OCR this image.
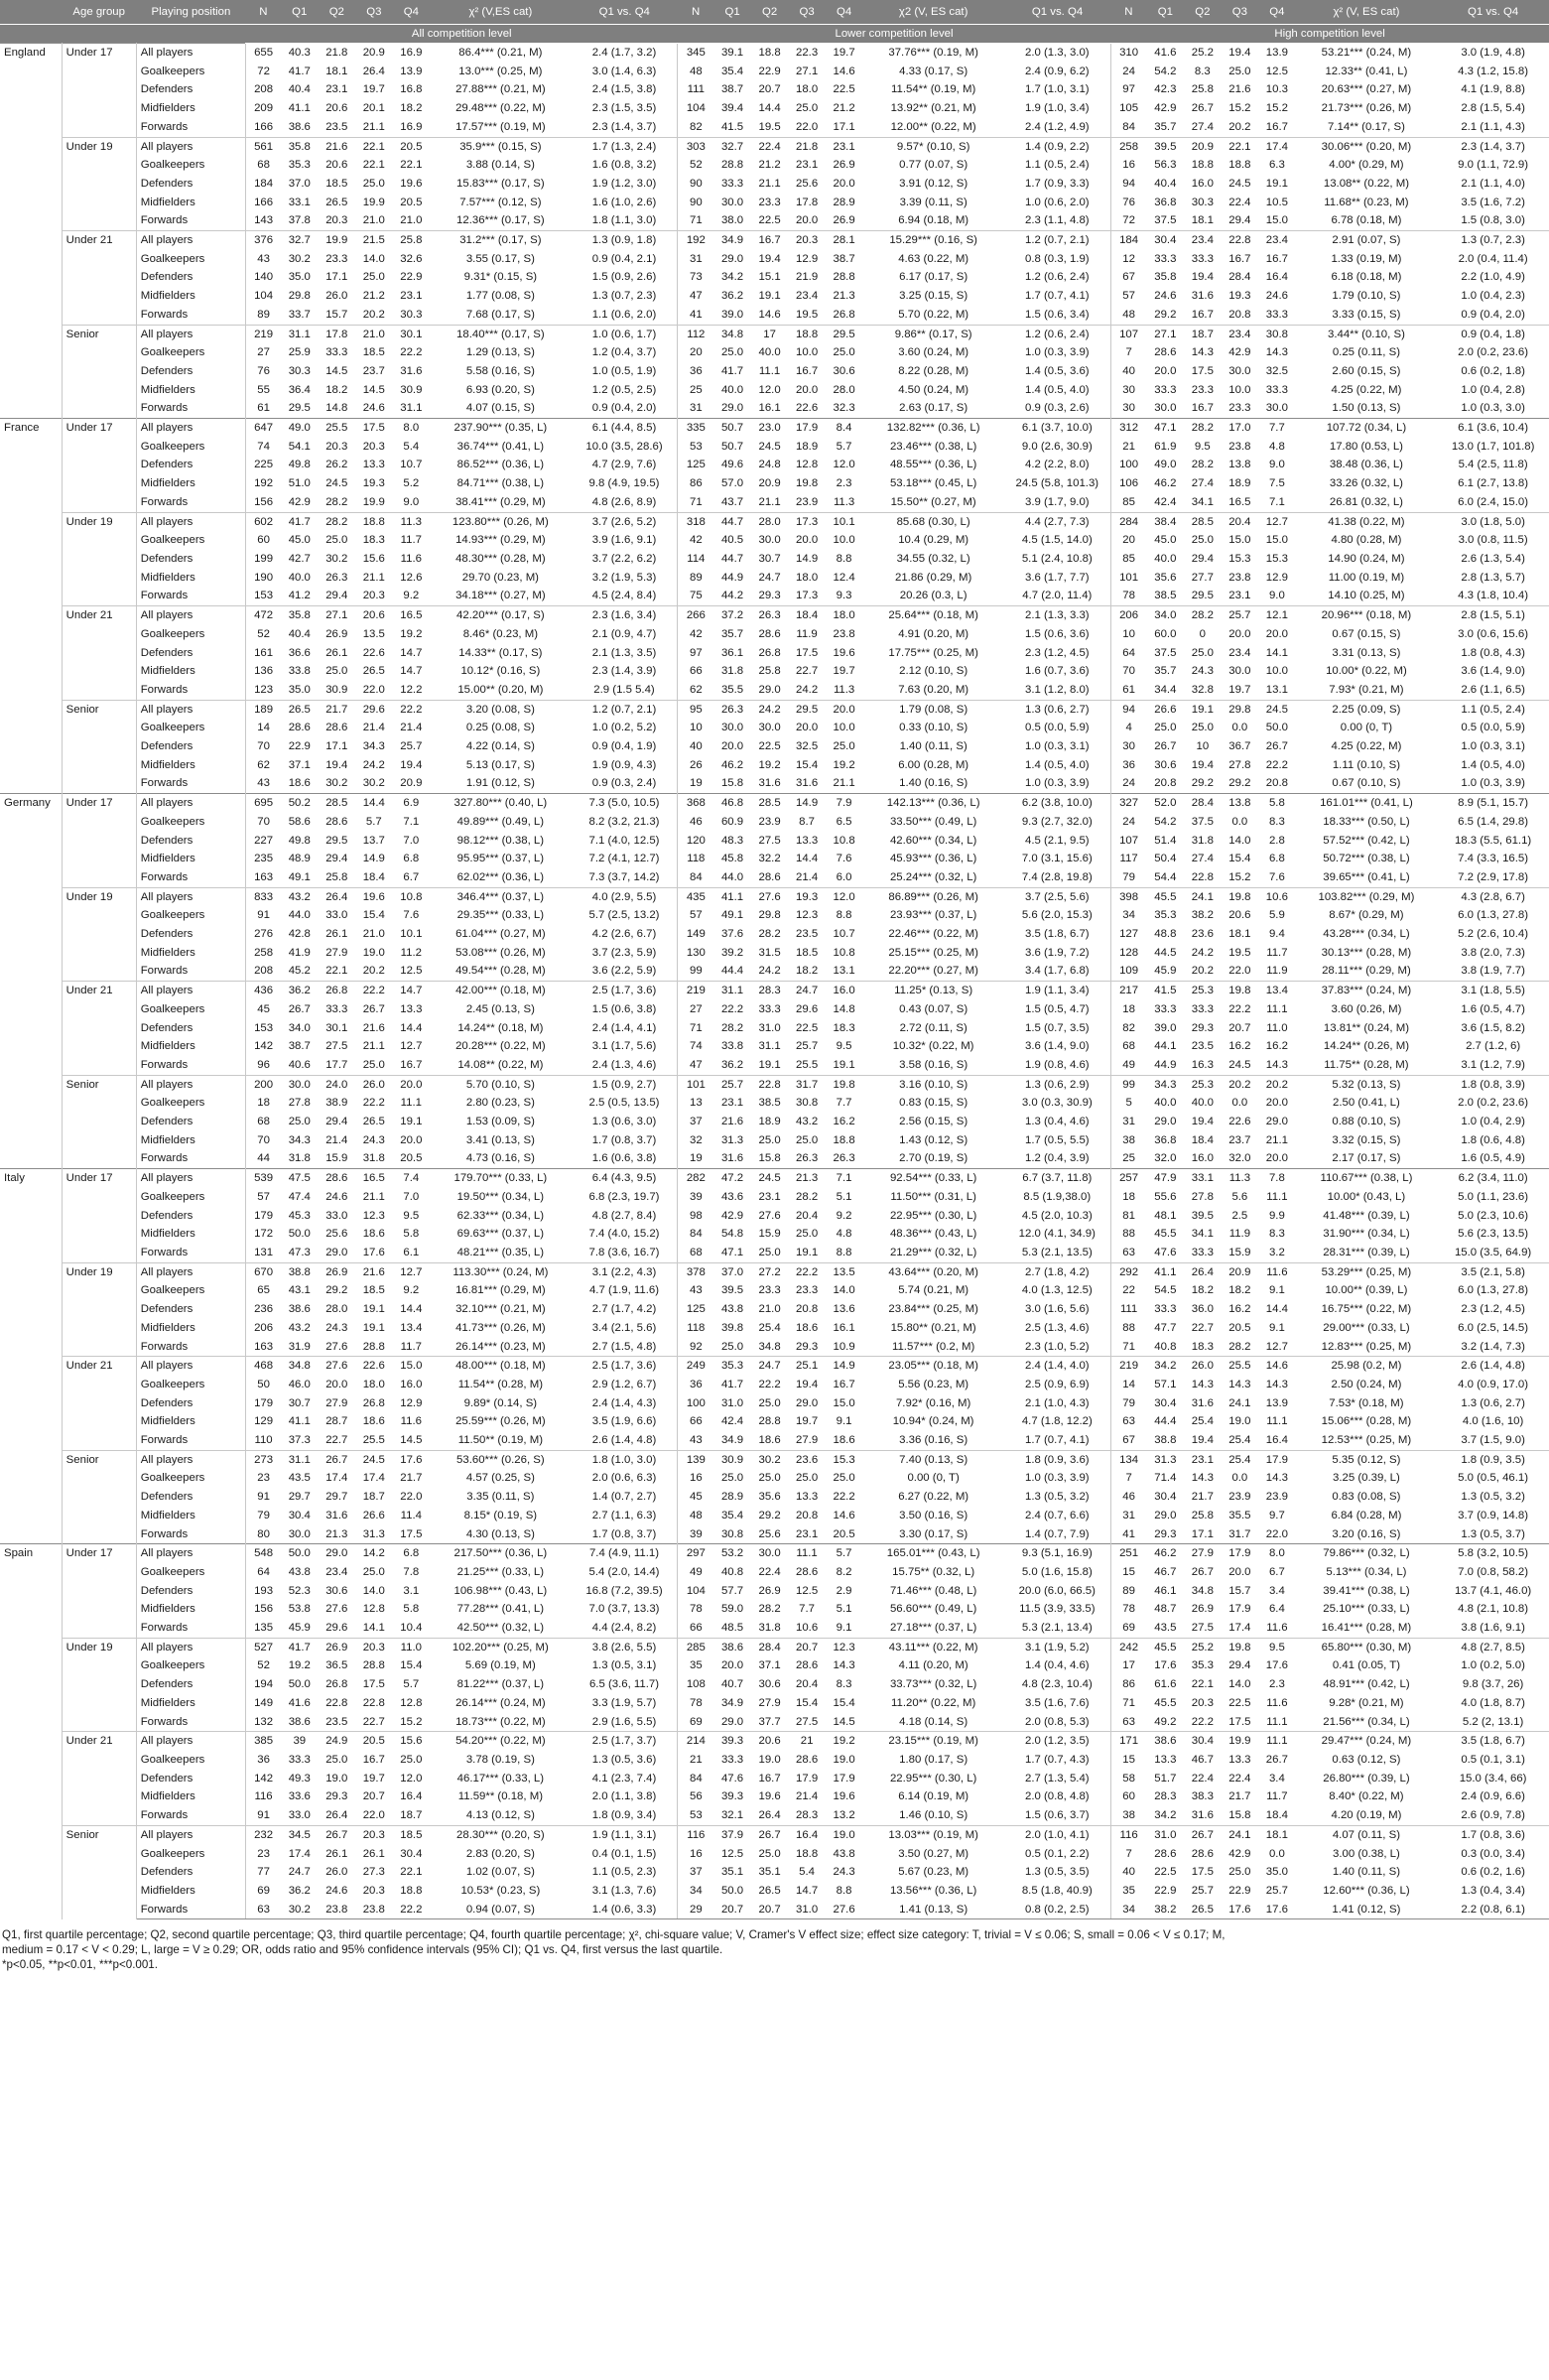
	Age group	Playing position	N	Q1	Q2	Q3	Q4	χ² (V,ES cat)	Q1 vs. Q4	N	Q1	Q2	Q3	Q4	χ2 (V, ES cat)	Q1 vs. Q4	N	Q1	Q2	Q3	Q4	χ² (V, ES cat)	Q1 vs. Q4
			All competition level							Lower competition level							High competition level						
England	Under 17	All players	655	40.3	21.8	20.9	16.9	86.4*** (0.21, M)	2.4 (1.7, 3.2)	345	39.1	18.8	22.3	19.7	37.76*** (0.19, M)	2.0 (1.3, 3.0)	310	41.6	25.2	19.4	13.9	53.21*** (0.24, M)	3.0 (1.9, 4.8)
		Goalkeepers	72	41.7	18.1	26.4	13.9	13.0*** (0.25, M)	3.0 (1.4, 6.3)	48	35.4	22.9	27.1	14.6	4.33 (0.17, S)	2.4 (0.9, 6.2)	24	54.2	8.3	25.0	12.5	12.33** (0.41, L)	4.3 (1.2, 15.8)
		Defenders	208	40.4	23.1	19.7	16.8	27.88*** (0.21, M)	2.4 (1.5, 3.8)	111	38.7	20.7	18.0	22.5	11.54** (0.19, M)	1.7 (1.0, 3.1)	97	42.3	25.8	21.6	10.3	20.63*** (0.27, M)	4.1 (1.9, 8.8)
		Midfielders	209	41.1	20.6	20.1	18.2	29.48*** (0.22, M)	2.3 (1.5, 3.5)	104	39.4	14.4	25.0	21.2	13.92** (0.21, M)	1.9 (1.0, 3.4)	105	42.9	26.7	15.2	15.2	21.73*** (0.26, M)	2.8 (1.5, 5.4)
		Forwards	166	38.6	23.5	21.1	16.9	17.57*** (0.19, M)	2.3 (1.4, 3.7)	82	41.5	19.5	22.0	17.1	12.00** (0.22, M)	2.4 (1.2, 4.9)	84	35.7	27.4	20.2	16.7	7.14** (0.17, S)	2.1 (1.1, 4.3)
	Under 19	All players	561	35.8	21.6	22.1	20.5	35.9*** (0.15, S)	1.7 (1.3, 2.4)	303	32.7	22.4	21.8	23.1	9.57* (0.10, S)	1.4 (0.9, 2.2)	258	39.5	20.9	22.1	17.4	30.06*** (0.20, M)	2.3 (1.4, 3.7)
		Goalkeepers	68	35.3	20.6	22.1	22.1	3.88 (0.14, S)	1.6 (0.8, 3.2)	52	28.8	21.2	23.1	26.9	0.77 (0.07, S)	1.1 (0.5, 2.4)	16	56.3	18.8	18.8	6.3	4.00* (0.29, M)	9.0 (1.1, 72.9)
		Defenders	184	37.0	18.5	25.0	19.6	15.83*** (0.17, S)	1.9 (1.2, 3.0)	90	33.3	21.1	25.6	20.0	3.91 (0.12, S)	1.7 (0.9, 3.3)	94	40.4	16.0	24.5	19.1	13.08** (0.22, M)	2.1 (1.1, 4.0)
		Midfielders	166	33.1	26.5	19.9	20.5	7.57*** (0.12, S)	1.6 (1.0, 2.6)	90	30.0	23.3	17.8	28.9	3.39 (0.11, S)	1.0 (0.6, 2.0)	76	36.8	30.3	22.4	10.5	11.68** (0.23, M)	3.5 (1.6, 7.2)
		Forwards	143	37.8	20.3	21.0	21.0	12.36*** (0.17, S)	1.8 (1.1, 3.0)	71	38.0	22.5	20.0	26.9	6.94 (0.18, M)	2.3 (1.1, 4.8)	72	37.5	18.1	29.4	15.0	6.78 (0.18, M)	1.5 (0.8, 3.0)
	Under 21	All players	376	32.7	19.9	21.5	25.8	31.2*** (0.17, S)	1.3 (0.9, 1.8)	192	34.9	16.7	20.3	28.1	15.29*** (0.16, S)	1.2 (0.7, 2.1)	184	30.4	23.4	22.8	23.4	2.91 (0.07, S)	1.3 (0.7, 2.3)
		Goalkeepers	43	30.2	23.3	14.0	32.6	3.55 (0.17, S)	0.9 (0.4, 2.1)	31	29.0	19.4	12.9	38.7	4.63 (0.22, M)	0.8 (0.3, 1.9)	12	33.3	33.3	16.7	16.7	1.33 (0.19, M)	2.0 (0.4, 11.4)
		Defenders	140	35.0	17.1	25.0	22.9	9.31* (0.15, S)	1.5 (0.9, 2.6)	73	34.2	15.1	21.9	28.8	6.17 (0.17, S)	1.2 (0.6, 2.4)	67	35.8	19.4	28.4	16.4	6.18 (0.18, M)	2.2 (1.0, 4.9)
		Midfielders	104	29.8	26.0	21.2	23.1	1.77 (0.08, S)	1.3 (0.7, 2.3)	47	36.2	19.1	23.4	21.3	3.25 (0.15, S)	1.7 (0.7, 4.1)	57	24.6	31.6	19.3	24.6	1.79 (0.10, S)	1.0 (0.4, 2.3)
		Forwards	89	33.7	15.7	20.2	30.3	7.68 (0.17, S)	1.1 (0.6, 2.0)	41	39.0	14.6	19.5	26.8	5.70 (0.22, M)	1.5 (0.6, 3.4)	48	29.2	16.7	20.8	33.3	3.33 (0.15, S)	0.9 (0.4, 2.0)
	Senior	All players	219	31.1	17.8	21.0	30.1	18.40*** (0.17, S)	1.0 (0.6, 1.7)	112	34.8	17	18.8	29.5	9.86** (0.17, S)	1.2 (0.6, 2.4)	107	27.1	18.7	23.4	30.8	3.44** (0.10, S)	0.9 (0.4, 1.8)
		Goalkeepers	27	25.9	33.3	18.5	22.2	1.29 (0.13, S)	1.2 (0.4, 3.7)	20	25.0	40.0	10.0	25.0	3.60 (0.24, M)	1.0 (0.3, 3.9)	7	28.6	14.3	42.9	14.3	0.25 (0.11, S)	2.0 (0.2, 23.6)
		Defenders	76	30.3	14.5	23.7	31.6	5.58 (0.16, S)	1.0 (0.5, 1.9)	36	41.7	11.1	16.7	30.6	8.22 (0.28, M)	1.4 (0.5, 3.6)	40	20.0	17.5	30.0	32.5	2.60 (0.15, S)	0.6 (0.2, 1.8)
		Midfielders	55	36.4	18.2	14.5	30.9	6.93 (0.20, S)	1.2 (0.5, 2.5)	25	40.0	12.0	20.0	28.0	4.50 (0.24, M)	1.4 (0.5, 4.0)	30	33.3	23.3	10.0	33.3	4.25 (0.22, M)	1.0 (0.4, 2.8)
		Forwards	61	29.5	14.8	24.6	31.1	4.07 (0.15, S)	0.9 (0.4, 2.0)	31	29.0	16.1	22.6	32.3	2.63 (0.17, S)	0.9 (0.3, 2.6)	30	30.0	16.7	23.3	30.0	1.50 (0.13, S)	1.0 (0.3, 3.0)
France	Under 17	All players	647	49.0	25.5	17.5	8.0	237.90*** (0.35, L)	6.1 (4.4, 8.5)	335	50.7	23.0	17.9	8.4	132.82*** (0.36, L)	6.1 (3.7, 10.0)	312	47.1	28.2	17.0	7.7	107.72 (0.34, L)	6.1 (3.6, 10.4)
		Goalkeepers	74	54.1	20.3	20.3	5.4	36.74*** (0.41, L)	10.0 (3.5, 28.6)	53	50.7	24.5	18.9	5.7	23.46*** (0.38, L)	9.0 (2.6, 30.9)	21	61.9	9.5	23.8	4.8	17.80 (0.53, L)	13.0 (1.7, 101.8)
		Defenders	225	49.8	26.2	13.3	10.7	86.52*** (0.36, L)	4.7 (2.9, 7.6)	125	49.6	24.8	12.8	12.0	48.55*** (0.36, L)	4.2 (2.2, 8.0)	100	49.0	28.2	13.8	9.0	38.48 (0.36, L)	5.4 (2.5, 11.8)
		Midfielders	192	51.0	24.5	19.3	5.2	84.71*** (0.38, L)	9.8 (4.9, 19.5)	86	57.0	20.9	19.8	2.3	53.18*** (0.45, L)	24.5 (5.8, 101.3)	106	46.2	27.4	18.9	7.5	33.26 (0.32, L)	6.1 (2.7, 13.8)
		Forwards	156	42.9	28.2	19.9	9.0	38.41*** (0.29, M)	4.8 (2.6, 8.9)	71	43.7	21.1	23.9	11.3	15.50** (0.27, M)	3.9 (1.7, 9.0)	85	42.4	34.1	16.5	7.1	26.81 (0.32, L)	6.0 (2.4, 15.0)
	Under 19	All players	602	41.7	28.2	18.8	11.3	123.80*** (0.26, M)	3.7 (2.6, 5.2)	318	44.7	28.0	17.3	10.1	85.68 (0.30, L)	4.4 (2.7, 7.3)	284	38.4	28.5	20.4	12.7	41.38 (0.22, M)	3.0 (1.8, 5.0)
		Goalkeepers	60	45.0	25.0	18.3	11.7	14.93*** (0.29, M)	3.9 (1.6, 9.1)	42	40.5	30.0	20.0	10.0	10.4 (0.29, M)	4.5 (1.5, 14.0)	20	45.0	25.0	15.0	15.0	4.80 (0.28, M)	3.0 (0.8, 11.5)
		Defenders	199	42.7	30.2	15.6	11.6	48.30*** (0.28, M)	3.7 (2.2, 6.2)	114	44.7	30.7	14.9	8.8	34.55 (0.32, L)	5.1 (2.4, 10.8)	85	40.0	29.4	15.3	15.3	14.90 (0.24, M)	2.6 (1.3, 5.4)
		Midfielders	190	40.0	26.3	21.1	12.6	29.70 (0.23, M)	3.2 (1.9, 5.3)	89	44.9	24.7	18.0	12.4	21.86 (0.29, M)	3.6 (1.7, 7.7)	101	35.6	27.7	23.8	12.9	11.00 (0.19, M)	2.8 (1.3, 5.7)
		Forwards	153	41.2	29.4	20.3	9.2	34.18*** (0.27, M)	4.5 (2.4, 8.4)	75	44.2	29.3	17.3	9.3	20.26 (0.3, L)	4.7 (2.0, 11.4)	78	38.5	29.5	23.1	9.0	14.10 (0.25, M)	4.3 (1.8, 10.4)
	Under 21	All players	472	35.8	27.1	20.6	16.5	42.20*** (0.17, S)	2.3 (1.6, 3.4)	266	37.2	26.3	18.4	18.0	25.64*** (0.18, M)	2.1 (1.3, 3.3)	206	34.0	28.2	25.7	12.1	20.96*** (0.18, M)	2.8 (1.5, 5.1)
		Goalkeepers	52	40.4	26.9	13.5	19.2	8.46* (0.23, M)	2.1 (0.9, 4.7)	42	35.7	28.6	11.9	23.8	4.91 (0.20, M)	1.5 (0.6, 3.6)	10	60.0	0	20.0	20.0	0.67 (0.15, S)	3.0 (0.6, 15.6)
		Defenders	161	36.6	26.1	22.6	14.7	14.33** (0.17, S)	2.1 (1.3, 3.5)	97	36.1	26.8	17.5	19.6	17.75*** (0.25, M)	2.3 (1.2, 4.5)	64	37.5	25.0	23.4	14.1	3.31 (0.13, S)	1.8 (0.8, 4.3)
		Midfielders	136	33.8	25.0	26.5	14.7	10.12* (0.16, S)	2.3 (1.4, 3.9)	66	31.8	25.8	22.7	19.7	2.12 (0.10, S)	1.6 (0.7, 3.6)	70	35.7	24.3	30.0	10.0	10.00* (0.22, M)	3.6 (1.4, 9.0)
		Forwards	123	35.0	30.9	22.0	12.2	15.00** (0.20, M)	2.9 (1.5 5.4)	62	35.5	29.0	24.2	11.3	7.63 (0.20, M)	3.1 (1.2, 8.0)	61	34.4	32.8	19.7	13.1	7.93* (0.21, M)	2.6 (1.1, 6.5)
	Senior	All players	189	26.5	21.7	29.6	22.2	3.20 (0.08, S)	1.2 (0.7, 2.1)	95	26.3	24.2	29.5	20.0	1.79 (0.08, S)	1.3 (0.6, 2.7)	94	26.6	19.1	29.8	24.5	2.25 (0.09, S)	1.1 (0.5, 2.4)
		Goalkeepers	14	28.6	28.6	21.4	21.4	0.25 (0.08, S)	1.0 (0.2, 5.2)	10	30.0	30.0	20.0	10.0	0.33 (0.10, S)	0.5 (0.0, 5.9)	4	25.0	25.0	0.0	50.0	0.00 (0, T)	0.5 (0.0, 5.9)
		Defenders	70	22.9	17.1	34.3	25.7	4.22 (0.14, S)	0.9 (0.4, 1.9)	40	20.0	22.5	32.5	25.0	1.40 (0.11, S)	1.0 (0.3, 3.1)	30	26.7	10	36.7	26.7	4.25 (0.22, M)	1.0 (0.3, 3.1)
		Midfielders	62	37.1	19.4	24.2	19.4	5.13 (0.17, S)	1.9 (0.9, 4.3)	26	46.2	19.2	15.4	19.2	6.00 (0.28, M)	1.4 (0.5, 4.0)	36	30.6	19.4	27.8	22.2	1.11 (0.10, S)	1.4 (0.5, 4.0)
		Forwards	43	18.6	30.2	30.2	20.9	1.91 (0.12, S)	0.9 (0.3, 2.4)	19	15.8	31.6	31.6	21.1	1.40 (0.16, S)	1.0 (0.3, 3.9)	24	20.8	29.2	29.2	20.8	0.67 (0.10, S)	1.0 (0.3, 3.9)
Germany	Under 17	All players	695	50.2	28.5	14.4	6.9	327.80*** (0.40, L)	7.3 (5.0, 10.5)	368	46.8	28.5	14.9	7.9	142.13*** (0.36, L)	6.2 (3.8, 10.0)	327	52.0	28.4	13.8	5.8	161.01*** (0.41, L)	8.9 (5.1, 15.7)
		Goalkeepers	70	58.6	28.6	5.7	7.1	49.89*** (0.49, L)	8.2 (3.2, 21.3)	46	60.9	23.9	8.7	6.5	33.50*** (0.49, L)	9.3 (2.7, 32.0)	24	54.2	37.5	0.0	8.3	18.33*** (0.50, L)	6.5 (1.4, 29.8)
		Defenders	227	49.8	29.5	13.7	7.0	98.12*** (0.38, L)	7.1 (4.0, 12.5)	120	48.3	27.5	13.3	10.8	42.60*** (0.34, L)	4.5 (2.1, 9.5)	107	51.4	31.8	14.0	2.8	57.52*** (0.42, L)	18.3 (5.5, 61.1)
		Midfielders	235	48.9	29.4	14.9	6.8	95.95*** (0.37, L)	7.2 (4.1, 12.7)	118	45.8	32.2	14.4	7.6	45.93*** (0.36, L)	7.0 (3.1, 15.6)	117	50.4	27.4	15.4	6.8	50.72*** (0.38, L)	7.4 (3.3, 16.5)
		Forwards	163	49.1	25.8	18.4	6.7	62.02*** (0.36, L)	7.3 (3.7, 14.2)	84	44.0	28.6	21.4	6.0	25.24*** (0.32, L)	7.4 (2.8, 19.8)	79	54.4	22.8	15.2	7.6	39.65*** (0.41, L)	7.2 (2.9, 17.8)
	Under 19	All players	833	43.2	26.4	19.6	10.8	346.4*** (0.37, L)	4.0 (2.9, 5.5)	435	41.1	27.6	19.3	12.0	86.89*** (0.26, M)	3.7 (2.5, 5.6)	398	45.5	24.1	19.8	10.6	103.82*** (0.29, M)	4.3 (2.8, 6.7)
		Goalkeepers	91	44.0	33.0	15.4	7.6	29.35*** (0.33, L)	5.7 (2.5, 13.2)	57	49.1	29.8	12.3	8.8	23.93*** (0.37, L)	5.6 (2.0, 15.3)	34	35.3	38.2	20.6	5.9	8.67* (0.29, M)	6.0 (1.3, 27.8)
		Defenders	276	42.8	26.1	21.0	10.1	61.04*** (0.27, M)	4.2 (2.6, 6.7)	149	37.6	28.2	23.5	10.7	22.46*** (0.22, M)	3.5 (1.8, 6.7)	127	48.8	23.6	18.1	9.4	43.28*** (0.34, L)	5.2 (2.6, 10.4)
		Midfielders	258	41.9	27.9	19.0	11.2	53.08*** (0.26, M)	3.7 (2.3, 5.9)	130	39.2	31.5	18.5	10.8	25.15*** (0.25, M)	3.6 (1.9, 7.2)	128	44.5	24.2	19.5	11.7	30.13*** (0.28, M)	3.8 (2.0, 7.3)
		Forwards	208	45.2	22.1	20.2	12.5	49.54*** (0.28, M)	3.6 (2.2, 5.9)	99	44.4	24.2	18.2	13.1	22.20*** (0.27, M)	3.4 (1.7, 6.8)	109	45.9	20.2	22.0	11.9	28.11*** (0.29, M)	3.8 (1.9, 7.7)
	Under 21	All players	436	36.2	26.8	22.2	14.7	42.00*** (0.18, M)	2.5 (1.7, 3.6)	219	31.1	28.3	24.7	16.0	11.25* (0.13, S)	1.9 (1.1, 3.4)	217	41.5	25.3	19.8	13.4	37.83*** (0.24, M)	3.1 (1.8, 5.5)
		Goalkeepers	45	26.7	33.3	26.7	13.3	2.45 (0.13, S)	1.5 (0.6, 3.8)	27	22.2	33.3	29.6	14.8	0.43 (0.07, S)	1.5 (0.5, 4.7)	18	33.3	33.3	22.2	11.1	3.60 (0.26, M)	1.6 (0.5, 4.7)
		Defenders	153	34.0	30.1	21.6	14.4	14.24** (0.18, M)	2.4 (1.4, 4.1)	71	28.2	31.0	22.5	18.3	2.72 (0.11, S)	1.5 (0.7, 3.5)	82	39.0	29.3	20.7	11.0	13.81** (0.24, M)	3.6 (1.5, 8.2)
		Midfielders	142	38.7	27.5	21.1	12.7	20.28*** (0.22, M)	3.1 (1.7, 5.6)	74	33.8	31.1	25.7	9.5	10.32* (0.22, M)	3.6 (1.4, 9.0)	68	44.1	23.5	16.2	16.2	14.24** (0.26, M)	2.7 (1.2, 6)
		Forwards	96	40.6	17.7	25.0	16.7	14.08** (0.22, M)	2.4 (1.3, 4.6)	47	36.2	19.1	25.5	19.1	3.58 (0.16, S)	1.9 (0.8, 4.6)	49	44.9	16.3	24.5	14.3	11.75** (0.28, M)	3.1 (1.2, 7.9)
	Senior	All players	200	30.0	24.0	26.0	20.0	5.70 (0.10, S)	1.5 (0.9, 2.7)	101	25.7	22.8	31.7	19.8	3.16 (0.10, S)	1.3 (0.6, 2.9)	99	34.3	25.3	20.2	20.2	5.32 (0.13, S)	1.8 (0.8, 3.9)
		Goalkeepers	18	27.8	38.9	22.2	11.1	2.80 (0.23, S)	2.5 (0.5, 13.5)	13	23.1	38.5	30.8	7.7	0.83 (0.15, S)	3.0 (0.3, 30.9)	5	40.0	40.0	0.0	20.0	2.50 (0.41, L)	2.0 (0.2, 23.6)
		Defenders	68	25.0	29.4	26.5	19.1	1.53 (0.09, S)	1.3 (0.6, 3.0)	37	21.6	18.9	43.2	16.2	2.56 (0.15, S)	1.3 (0.4, 4.6)	31	29.0	19.4	22.6	29.0	0.88 (0.10, S)	1.0 (0.4, 2.9)
		Midfielders	70	34.3	21.4	24.3	20.0	3.41 (0.13, S)	1.7 (0.8, 3.7)	32	31.3	25.0	25.0	18.8	1.43 (0.12, S)	1.7 (0.5, 5.5)	38	36.8	18.4	23.7	21.1	3.32 (0.15, S)	1.8 (0.6, 4.8)
		Forwards	44	31.8	15.9	31.8	20.5	4.73 (0.16, S)	1.6 (0.6, 3.8)	19	31.6	15.8	26.3	26.3	2.70 (0.19, S)	1.2 (0.4, 3.9)	25	32.0	16.0	32.0	20.0	2.17 (0.17, S)	1.6 (0.5, 4.9)
Italy	Under 17	All players	539	47.5	28.6	16.5	7.4	179.70*** (0.33, L)	6.4 (4.3, 9.5)	282	47.2	24.5	21.3	7.1	92.54*** (0.33, L)	6.7 (3.7, 11.8)	257	47.9	33.1	11.3	7.8	110.67*** (0.38, L)	6.2 (3.4, 11.0)
		Goalkeepers	57	47.4	24.6	21.1	7.0	19.50*** (0.34, L)	6.8 (2.3, 19.7)	39	43.6	23.1	28.2	5.1	11.50*** (0.31, L)	8.5 (1.9,38.0)	18	55.6	27.8	5.6	11.1	10.00* (0.43, L)	5.0 (1.1, 23.6)
		Defenders	179	45.3	33.0	12.3	9.5	62.33*** (0.34, L)	4.8 (2.7, 8.4)	98	42.9	27.6	20.4	9.2	22.95*** (0.30, L)	4.5 (2.0, 10.3)	81	48.1	39.5	2.5	9.9	41.48*** (0.39, L)	5.0 (2.3, 10.6)
		Midfielders	172	50.0	25.6	18.6	5.8	69.63*** (0.37, L)	7.4 (4.0, 15.2)	84	54.8	15.9	25.0	4.8	48.36*** (0.43, L)	12.0 (4.1, 34.9)	88	45.5	34.1	11.9	8.3	31.90*** (0.34, L)	5.6 (2.3, 13.5)
		Forwards	131	47.3	29.0	17.6	6.1	48.21*** (0.35, L)	7.8 (3.6, 16.7)	68	47.1	25.0	19.1	8.8	21.29*** (0.32, L)	5.3 (2.1, 13.5)	63	47.6	33.3	15.9	3.2	28.31*** (0.39, L)	15.0 (3.5, 64.9)
	Under 19	All players	670	38.8	26.9	21.6	12.7	113.30*** (0.24, M)	3.1 (2.2, 4.3)	378	37.0	27.2	22.2	13.5	43.64*** (0.20, M)	2.7 (1.8, 4.2)	292	41.1	26.4	20.9	11.6	53.29*** (0.25, M)	3.5 (2.1, 5.8)
		Goalkeepers	65	43.1	29.2	18.5	9.2	16.81*** (0.29, M)	4.7 (1.9, 11.6)	43	39.5	23.3	23.3	14.0	5.74 (0.21, M)	4.0 (1.3, 12.5)	22	54.5	18.2	18.2	9.1	10.00** (0.39, L)	6.0 (1.3, 27.8)
		Defenders	236	38.6	28.0	19.1	14.4	32.10*** (0.21, M)	2.7 (1.7, 4.2)	125	43.8	21.0	20.8	13.6	23.84*** (0.25, M)	3.0 (1.6, 5.6)	111	33.3	36.0	16.2	14.4	16.75*** (0.22, M)	2.3 (1.2, 4.5)
		Midfielders	206	43.2	24.3	19.1	13.4	41.73*** (0.26, M)	3.4 (2.1, 5.6)	118	39.8	25.4	18.6	16.1	15.80** (0.21, M)	2.5 (1.3, 4.6)	88	47.7	22.7	20.5	9.1	29.00*** (0.33, L)	6.0 (2.5, 14.5)
		Forwards	163	31.9	27.6	28.8	11.7	26.14*** (0.23, M)	2.7 (1.5, 4.8)	92	25.0	34.8	29.3	10.9	11.57*** (0.2, M)	2.3 (1.0, 5.2)	71	40.8	18.3	28.2	12.7	12.83*** (0.25, M)	3.2 (1.4, 7.3)
	Under 21	All players	468	34.8	27.6	22.6	15.0	48.00*** (0.18, M)	2.5 (1.7, 3.6)	249	35.3	24.7	25.1	14.9	23.05*** (0.18, M)	2.4 (1.4, 4.0)	219	34.2	26.0	25.5	14.6	25.98 (0.2, M)	2.6 (1.4, 4.8)
		Goalkeepers	50	46.0	20.0	18.0	16.0	11.54** (0.28, M)	2.9 (1.2, 6.7)	36	41.7	22.2	19.4	16.7	5.56 (0.23, M)	2.5 (0.9, 6.9)	14	57.1	14.3	14.3	14.3	2.50 (0.24, M)	4.0 (0.9, 17.0)
		Defenders	179	30.7	27.9	26.8	12.9	9.89* (0.14, S)	2.4 (1.4, 4.3)	100	31.0	25.0	29.0	15.0	7.92* (0.16, M)	2.1 (1.0, 4.3)	79	30.4	31.6	24.1	13.9	7.53* (0.18, M)	1.3 (0.6, 2.7)
		Midfielders	129	41.1	28.7	18.6	11.6	25.59*** (0.26, M)	3.5 (1.9, 6.6)	66	42.4	28.8	19.7	9.1	10.94* (0.24, M)	4.7 (1.8, 12.2)	63	44.4	25.4	19.0	11.1	15.06*** (0.28, M)	4.0 (1.6, 10)
		Forwards	110	37.3	22.7	25.5	14.5	11.50** (0.19, M)	2.6 (1.4, 4.8)	43	34.9	18.6	27.9	18.6	3.36 (0.16, S)	1.7 (0.7, 4.1)	67	38.8	19.4	25.4	16.4	12.53*** (0.25, M)	3.7 (1.5, 9.0)
	Senior	All players	273	31.1	26.7	24.5	17.6	53.60*** (0.26, S)	1.8 (1.0, 3.0)	139	30.9	30.2	23.6	15.3	7.40 (0.13, S)	1.8 (0.9, 3.6)	134	31.3	23.1	25.4	17.9	5.35 (0.12, S)	1.8 (0.9, 3.5)
		Goalkeepers	23	43.5	17.4	17.4	21.7	4.57 (0.25, S)	2.0 (0.6, 6.3)	16	25.0	25.0	25.0	25.0	0.00 (0, T)	1.0 (0.3, 3.9)	7	71.4	14.3	0.0	14.3	3.25 (0.39, L)	5.0 (0.5, 46.1)
		Defenders	91	29.7	29.7	18.7	22.0	3.35 (0.11, S)	1.4 (0.7, 2.7)	45	28.9	35.6	13.3	22.2	6.27 (0.22, M)	1.3 (0.5, 3.2)	46	30.4	21.7	23.9	23.9	0.83 (0.08, S)	1.3 (0.5, 3.2)
		Midfielders	79	30.4	31.6	26.6	11.4	8.15* (0.19, S)	2.7 (1.1, 6.3)	48	35.4	29.2	20.8	14.6	3.50 (0.16, S)	2.4 (0.7, 6.6)	31	29.0	25.8	35.5	9.7	6.84 (0.28, M)	3.7 (0.9, 14.8)
		Forwards	80	30.0	21.3	31.3	17.5	4.30 (0.13, S)	1.7 (0.8, 3.7)	39	30.8	25.6	23.1	20.5	3.30 (0.17, S)	1.4 (0.7, 7.9)	41	29.3	17.1	31.7	22.0	3.20 (0.16, S)	1.3 (0.5, 3.7)
Spain	Under 17	All players	548	50.0	29.0	14.2	6.8	217.50*** (0.36, L)	7.4 (4.9, 11.1)	297	53.2	30.0	11.1	5.7	165.01*** (0.43, L)	9.3 (5.1, 16.9)	251	46.2	27.9	17.9	8.0	79.86*** (0.32, L)	5.8 (3.2, 10.5)
		Goalkeepers	64	43.8	23.4	25.0	7.8	21.25*** (0.33, L)	5.4 (2.0, 14.4)	49	40.8	22.4	28.6	8.2	15.75** (0.32, L)	5.0 (1.6, 15.8)	15	46.7	26.7	20.0	6.7	5.13*** (0.34, L)	7.0 (0.8, 58.2)
		Defenders	193	52.3	30.6	14.0	3.1	106.98*** (0.43, L)	16.8 (7.2, 39.5)	104	57.7	26.9	12.5	2.9	71.46*** (0.48, L)	20.0 (6.0, 66.5)	89	46.1	34.8	15.7	3.4	39.41*** (0.38, L)	13.7 (4.1, 46.0)
		Midfielders	156	53.8	27.6	12.8	5.8	77.28*** (0.41, L)	7.0 (3.7, 13.3)	78	59.0	28.2	7.7	5.1	56.60*** (0.49, L)	11.5 (3.9, 33.5)	78	48.7	26.9	17.9	6.4	25.10*** (0.33, L)	4.8 (2.1, 10.8)
		Forwards	135	45.9	29.6	14.1	10.4	42.50*** (0.32, L)	4.4 (2.4, 8.2)	66	48.5	31.8	10.6	9.1	27.18*** (0.37, L)	5.3 (2.1, 13.4)	69	43.5	27.5	17.4	11.6	16.41*** (0.28, M)	3.8 (1.6, 9.1)
	Under 19	All players	527	41.7	26.9	20.3	11.0	102.20*** (0.25, M)	3.8 (2.6, 5.5)	285	38.6	28.4	20.7	12.3	43.11*** (0.22, M)	3.1 (1.9, 5.2)	242	45.5	25.2	19.8	9.5	65.80*** (0.30, M)	4.8 (2.7, 8.5)
		Goalkeepers	52	19.2	36.5	28.8	15.4	5.69 (0.19, M)	1.3 (0.5, 3.1)	35	20.0	37.1	28.6	14.3	4.11 (0.20, M)	1.4 (0.4, 4.6)	17	17.6	35.3	29.4	17.6	0.41 (0.05, T)	1.0 (0.2, 5.0)
		Defenders	194	50.0	26.8	17.5	5.7	81.22*** (0.37, L)	6.5 (3.6, 11.7)	108	40.7	30.6	20.4	8.3	33.73*** (0.32, L)	4.8 (2.3, 10.4)	86	61.6	22.1	14.0	2.3	48.91*** (0.42, L)	9.8 (3.7, 26)
		Midfielders	149	41.6	22.8	22.8	12.8	26.14*** (0.24, M)	3.3 (1.9, 5.7)	78	34.9	27.9	15.4	15.4	11.20** (0.22, M)	3.5 (1.6, 7.6)	71	45.5	20.3	22.5	11.6	9.28* (0.21, M)	4.0 (1.8, 8.7)
		Forwards	132	38.6	23.5	22.7	15.2	18.73*** (0.22, M)	2.9 (1.6, 5.5)	69	29.0	37.7	27.5	14.5	4.18 (0.14, S)	2.0 (0.8, 5.3)	63	49.2	22.2	17.5	11.1	21.56*** (0.34, L)	5.2 (2, 13.1)
	Under 21	All players	385	39	24.9	20.5	15.6	54.20*** (0.22, M)	2.5 (1.7, 3.7)	214	39.3	20.6	21	19.2	23.15*** (0.19, M)	2.0 (1.2, 3.5)	171	38.6	30.4	19.9	11.1	29.47*** (0.24, M)	3.5 (1.8, 6.7)
		Goalkeepers	36	33.3	25.0	16.7	25.0	3.78 (0.19, S)	1.3 (0.5, 3.6)	21	33.3	19.0	28.6	19.0	1.80 (0.17, S)	1.7 (0.7, 4.3)	15	13.3	46.7	13.3	26.7	0.63 (0.12, S)	0.5 (0.1, 3.1)
		Defenders	142	49.3	19.0	19.7	12.0	46.17*** (0.33, L)	4.1 (2.3, 7.4)	84	47.6	16.7	17.9	17.9	22.95*** (0.30, L)	2.7 (1.3, 5.4)	58	51.7	22.4	22.4	3.4	26.80*** (0.39, L)	15.0 (3.4, 66)
		Midfielders	116	33.6	29.3	20.7	16.4	11.59** (0.18, M)	2.0 (1.1, 3.8)	56	39.3	19.6	21.4	19.6	6.14 (0.19, M)	2.0 (0.8, 4.8)	60	28.3	38.3	21.7	11.7	8.40* (0.22, M)	2.4 (0.9, 6.6)
		Forwards	91	33.0	26.4	22.0	18.7	4.13 (0.12, S)	1.8 (0.9, 3.4)	53	32.1	26.4	28.3	13.2	1.46 (0.10, S)	1.5 (0.6, 3.7)	38	34.2	31.6	15.8	18.4	4.20 (0.19, M)	2.6 (0.9, 7.8)
	Senior	All players	232	34.5	26.7	20.3	18.5	28.30*** (0.20, S)	1.9 (1.1, 3.1)	116	37.9	26.7	16.4	19.0	13.03*** (0.19, M)	2.0 (1.0, 4.1)	116	31.0	26.7	24.1	18.1	4.07 (0.11, S)	1.7 (0.8, 3.6)
		Goalkeepers	23	17.4	26.1	26.1	30.4	2.83 (0.20, S)	0.4 (0.1, 1.5)	16	12.5	25.0	18.8	43.8	3.50 (0.27, M)	0.5 (0.1, 2.2)	7	28.6	28.6	42.9	0.0	3.00 (0.38, L)	0.3 (0.0, 3.4)
		Defenders	77	24.7	26.0	27.3	22.1	1.02 (0.07, S)	1.1 (0.5, 2.3)	37	35.1	35.1	5.4	24.3	5.67 (0.23, M)	1.3 (0.5, 3.5)	40	22.5	17.5	25.0	35.0	1.40 (0.11, S)	0.6 (0.2, 1.6)
		Midfielders	69	36.2	24.6	20.3	18.8	10.53* (0.23, S)	3.1 (1.3, 7.6)	34	50.0	26.5	14.7	8.8	13.56*** (0.36, L)	8.5 (1.8, 40.9)	35	22.9	25.7	22.9	25.7	12.60*** (0.36, L)	1.3 (0.4, 3.4)
		Forwards	63	30.2	23.8	23.8	22.2	0.94 (0.07, S)	1.4 (0.6, 3.3)	29	20.7	20.7	31.0	27.6	1.41 (0.13, S)	0.8 (0.2, 2.5)	34	38.2	26.5	17.6	17.6	1.41 (0.12, S)	2.2 (0.8, 6.1)

Q1, first quartile percentage; Q2, second quartile percentage; Q3, third quartile percentage; Q4, fourth quartile percentage; χ², chi-square value; V, Cramer's V effect size; effect size category: T, trivial = V ≤ 0.06; S, small = 0.06 < V ≤ 0.17; M,

medium = 0.17 < V < 0.29; L, large = V ≥ 0.29; OR, odds ratio and 95% confidence intervals (95% CI); Q1 vs. Q4, first versus the last quartile.

*p<0.05, **p<0.01, ***p<0.001.
